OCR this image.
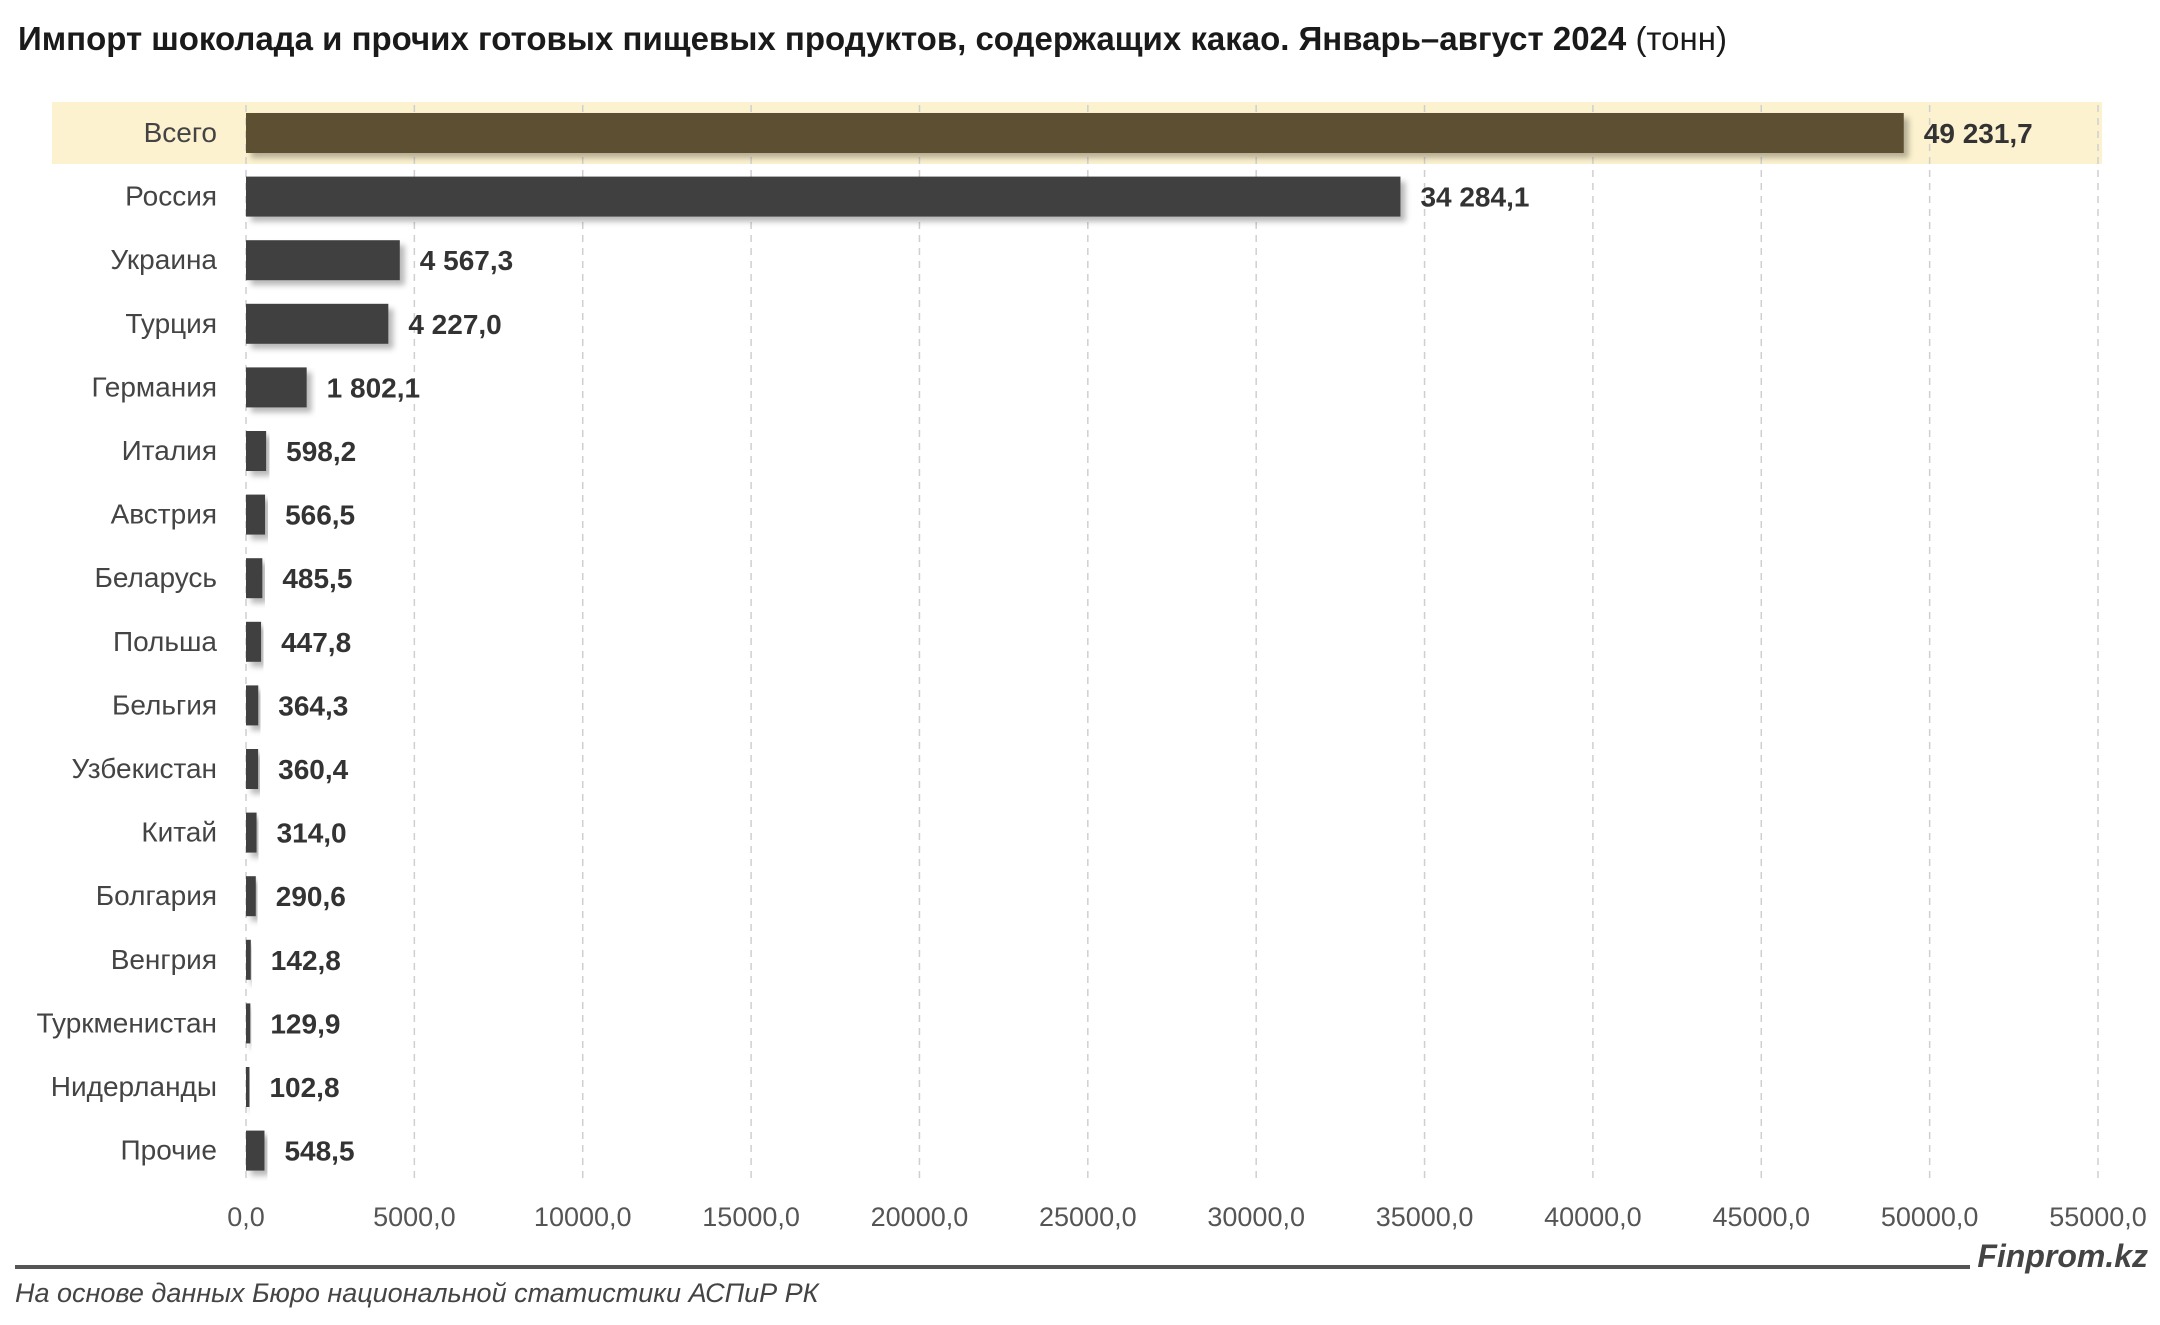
Импорт шоколада и прочих готовых пищевых продуктов, содержащих какао. Январь–август 2024 (тонн)
0,0	5000,0	10000,0	15000,0	20000,0	25000,0	30000,0	35000,0	40000,0	45000,0	50000,0	55000,0
Всего	49 231,7
Россия	34 284,1
Украина	4 567,3
Турция	4 227,0
Германия	1 802,1
Италия 598,2
Австрия 566,5
Беларусь 485,5
Польша 447,8
Бельгия 364,3
Узбекистан 360,4
Китай 314,0
Болгария 290,6
Венгрия 142,8
Туркменистан 129,9
Нидерланды 102,8
Прочие 548,5
Finprom.kz
На основе данных Бюро национальной статистики АСПиР РК
